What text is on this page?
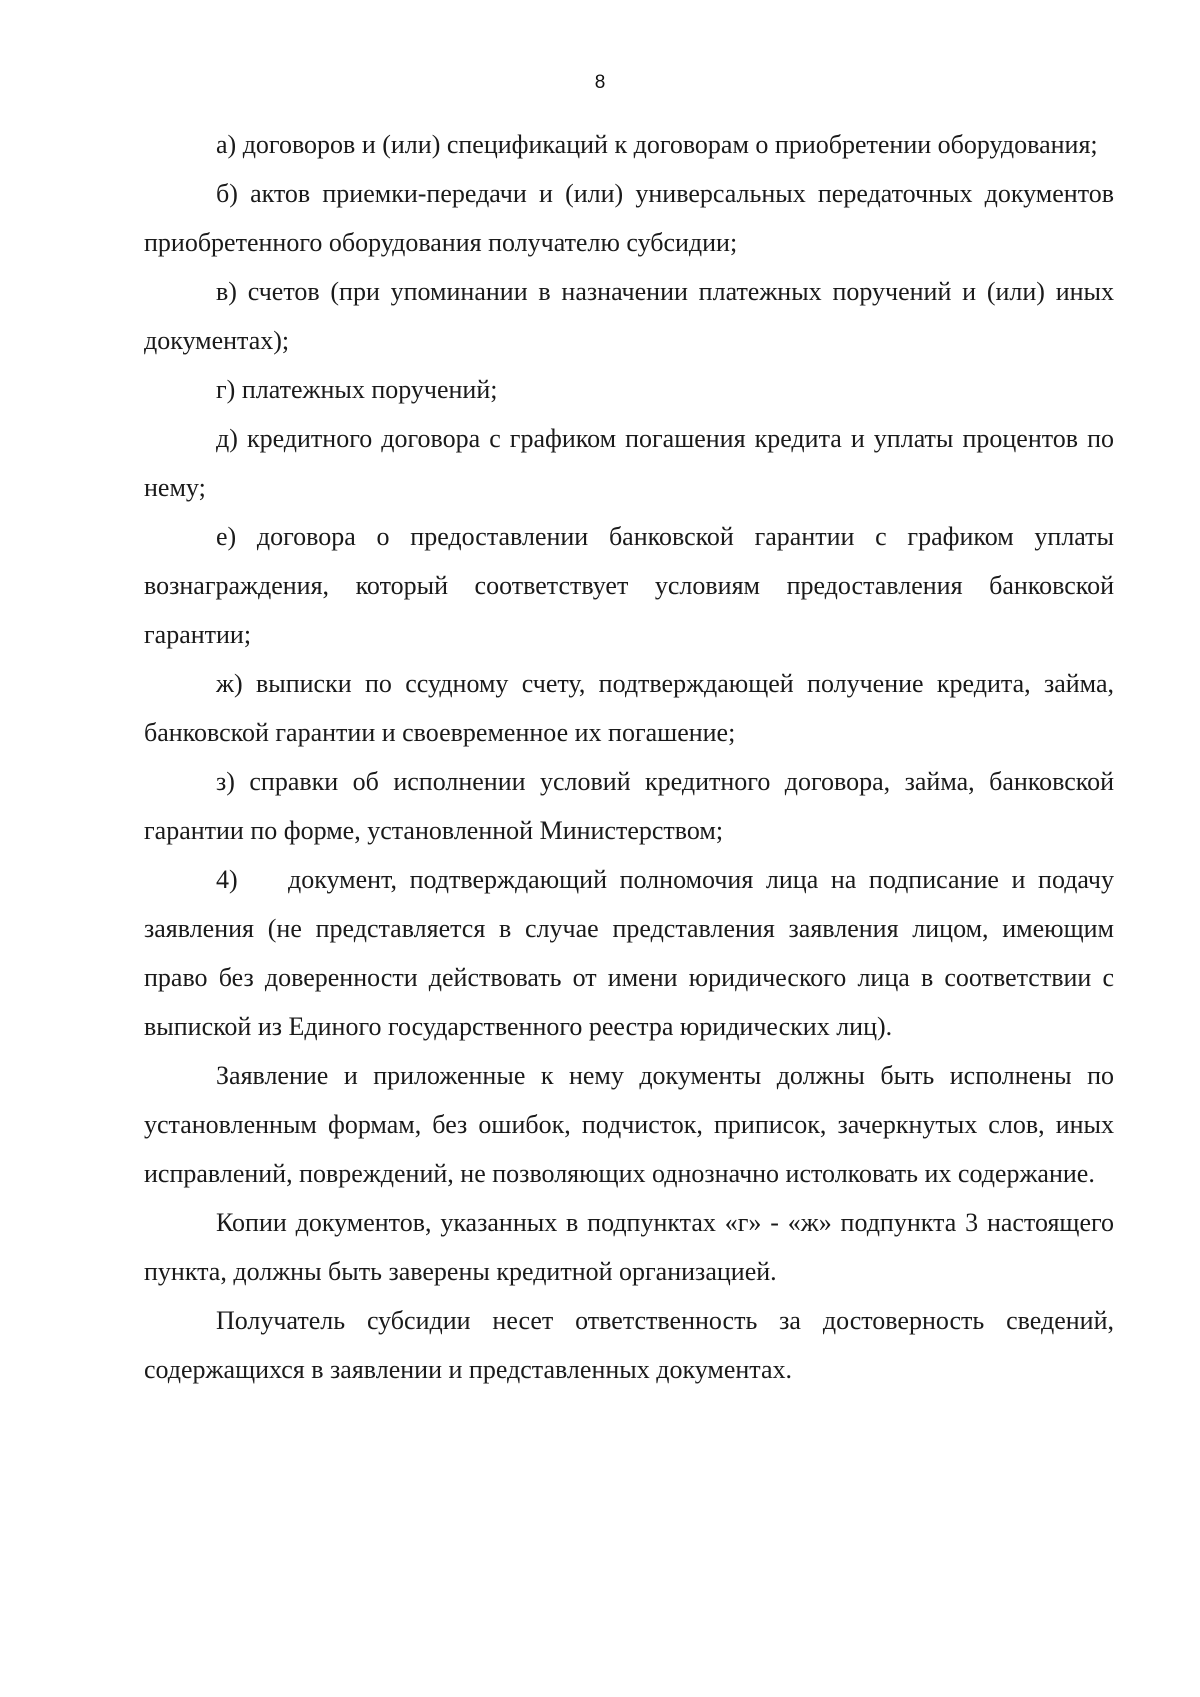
8

а) договоров и (или) спецификаций к договорам о приобретении оборудования;

б) актов приемки-передачи и (или) универсальных передаточных документов приобретенного оборудования получателю субсидии;

в) счетов (при упоминании в назначении платежных поручений и (или) иных документах);

г) платежных поручений;

д) кредитного договора с графиком погашения кредита и уплаты процентов по нему;

е) договора о предоставлении банковской гарантии с графиком уплаты вознаграждения, который соответствует условиям предоставления банковской гарантии;

ж) выписки по ссудному счету, подтверждающей получение кредита, займа, банковской гарантии и своевременное их погашение;

з) справки об исполнении условий кредитного договора, займа, банковской гарантии по форме, установленной Министерством;

4) документ, подтверждающий полномочия лица на подписание и подачу заявления (не представляется в случае представления заявления лицом, имеющим право без доверенности действовать от имени юридического лица в соответствии с выпиской из Единого государственного реестра юридических лиц).

Заявление и приложенные к нему документы должны быть исполнены по установленным формам, без ошибок, подчисток, приписок, зачеркнутых слов, иных исправлений, повреждений, не позволяющих однозначно истолковать их содержание.

Копии документов, указанных в подпунктах «г» - «ж» подпункта 3 настоящего пункта, должны быть заверены кредитной организацией.

Получатель субсидии несет ответственность за достоверность сведений, содержащихся в заявлении и представленных документах.
